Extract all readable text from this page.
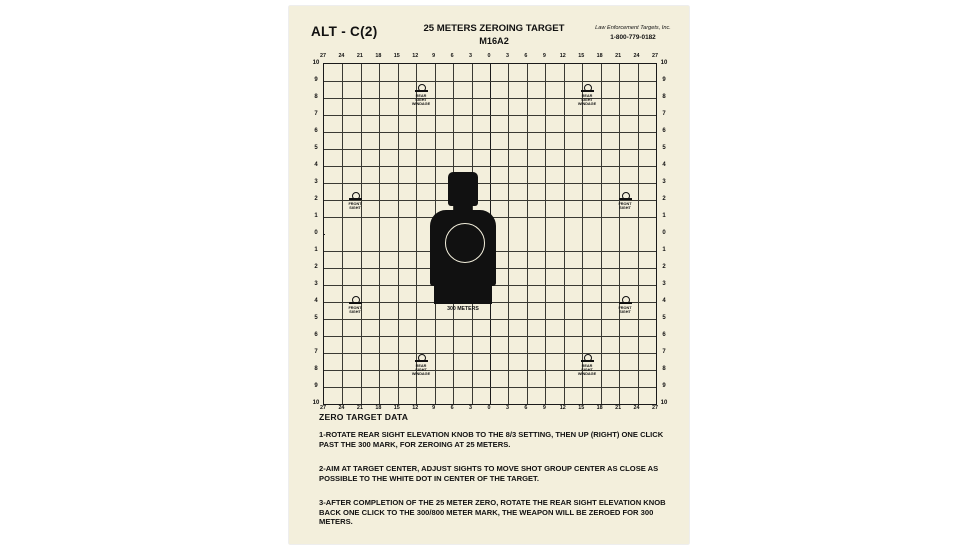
ALT - C(2)	25 METERS ZEROING TARGET
M16A2
Law Enforcement Targets, Inc.
1-800-779-0182
27 24 21 18 15 12	9	6	3	0	3	6	9	12 15 18 21 24 27
27 24 21 18 15 12	9	6	3	0	3	6	9	12 15 18 21 24 27
10
9
8
7
6
5
4
3
2
1
0
1
2
3
4
5
6
7
8
9
10
10
9
8
7
6
5
4
3
2
1
0
1
2
3
4
5
6
7
8
9
10
300 METERS
REAR
SIGHT
WINDAGE
REAR
SIGHT
WINDAGE
FRONT
SIGHT
FRONT
SIGHT
FRONT
SIGHT
FRONT
SIGHT
REAR
SIGHT
WINDAGE
REAR
SIGHT
WINDAGE
ZERO TARGET DATA
1-ROTATE REAR SIGHT ELEVATION KNOB TO THE 8/3 SETTING, THEN UP (RIGHT) ONE CLICK PAST THE 300 MARK, FOR ZEROING AT 25 METERS.
2-AIM AT TARGET CENTER, ADJUST SIGHTS TO MOVE SHOT GROUP CENTER AS CLOSE AS POSSIBLE TO THE WHITE DOT IN CENTER OF THE TARGET.
3-AFTER COMPLETION OF THE 25 METER ZERO, ROTATE THE REAR SIGHT ELEVATION KNOB BACK ONE CLICK TO THE 300/800 METER MARK, THE WEAPON WILL BE ZEROED FOR 300 METERS.
